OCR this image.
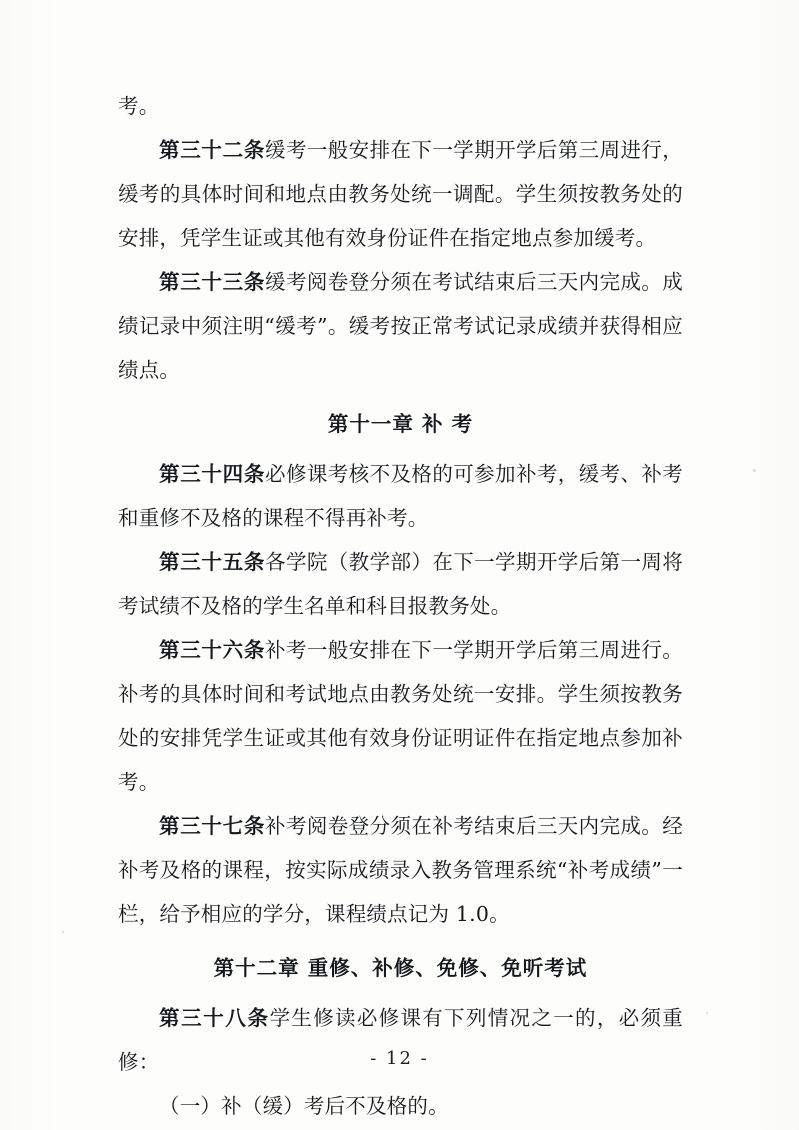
考。

第三十二条缓考一般安排在下一学期开学后第三周进行，缓考的具体时间和地点由教务处统一调配。学生须按教务处的安排，凭学生证或其他有效身份证件在指定地点参加缓考。

第三十三条缓考阅卷登分须在考试结束后三天内完成。成绩记录中须注明“缓考”。缓考按正常考试记录成绩并获得相应绩点。

第十一章 补 考

第三十四条必修课考核不及格的可参加补考，缓考、补考和重修不及格的课程不得再补考。

第三十五条各学院（教学部）在下一学期开学后第一周将考试绩不及格的学生名单和科目报教务处。

第三十六条补考一般安排在下一学期开学后第三周进行。补考的具体时间和考试地点由教务处统一安排。学生须按教务处的安排凭学生证或其他有效身份证明证件在指定地点参加补考。

第三十七条补考阅卷登分须在补考结束后三天内完成。经补考及格的课程，按实际成绩录入教务管理系统“补考成绩”一栏，给予相应的学分，课程绩点记为 1.0。

第十二章 重修、补修、免修、免听考试

第三十八条学生修读必修课有下列情况之一的，必须重修：

（一）补（缓）考后不及格的。

- 12 -
